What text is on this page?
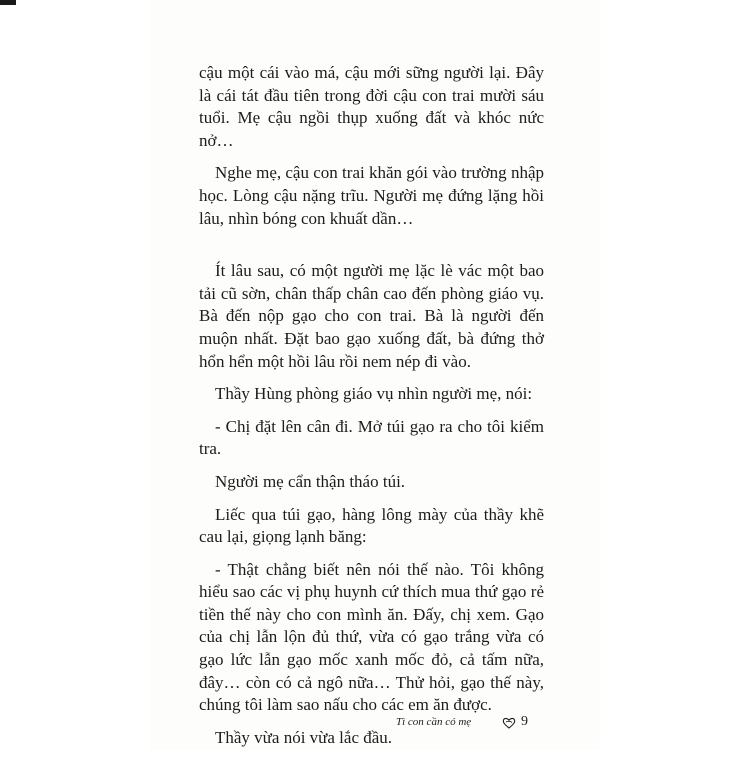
cậu một cái vào má, cậu mới sững người lại. Đây là cái tát đầu tiên trong đời cậu con trai mười sáu tuổi. Mẹ cậu ngồi thụp xuống đất và khóc nức nở…

Nghe mẹ, cậu con trai khăn gói vào trường nhập học. Lòng cậu nặng trĩu. Người mẹ đứng lặng hồi lâu, nhìn bóng con khuất dần…

Ít lâu sau, có một người mẹ lặc lè vác một bao tải cũ sờn, chân thấp chân cao đến phòng giáo vụ. Bà đến nộp gạo cho con trai. Bà là người đến muộn nhất. Đặt bao gạo xuống đất, bà đứng thở hổn hển một hồi lâu rồi nem nép đi vào.

Thầy Hùng phòng giáo vụ nhìn người mẹ, nói:

- Chị đặt lên cân đi. Mở túi gạo ra cho tôi kiểm tra.

Người mẹ cẩn thận tháo túi.

Liếc qua túi gạo, hàng lông mày của thầy khẽ cau lại, giọng lạnh băng:

- Thật chẳng biết nên nói thế nào. Tôi không hiểu sao các vị phụ huynh cứ thích mua thứ gạo rẻ tiền thế này cho con mình ăn. Đấy, chị xem. Gạo của chị lẫn lộn đủ thứ, vừa có gạo trắng vừa có gạo lức lẫn gạo mốc xanh mốc đỏ, cả tấm nữa, đây… còn có cả ngô nữa… Thử hỏi, gạo thế này, chúng tôi làm sao nấu cho các em ăn được.

Thầy vừa nói vừa lắc đầu.

Tì con cần có mẹ	9
